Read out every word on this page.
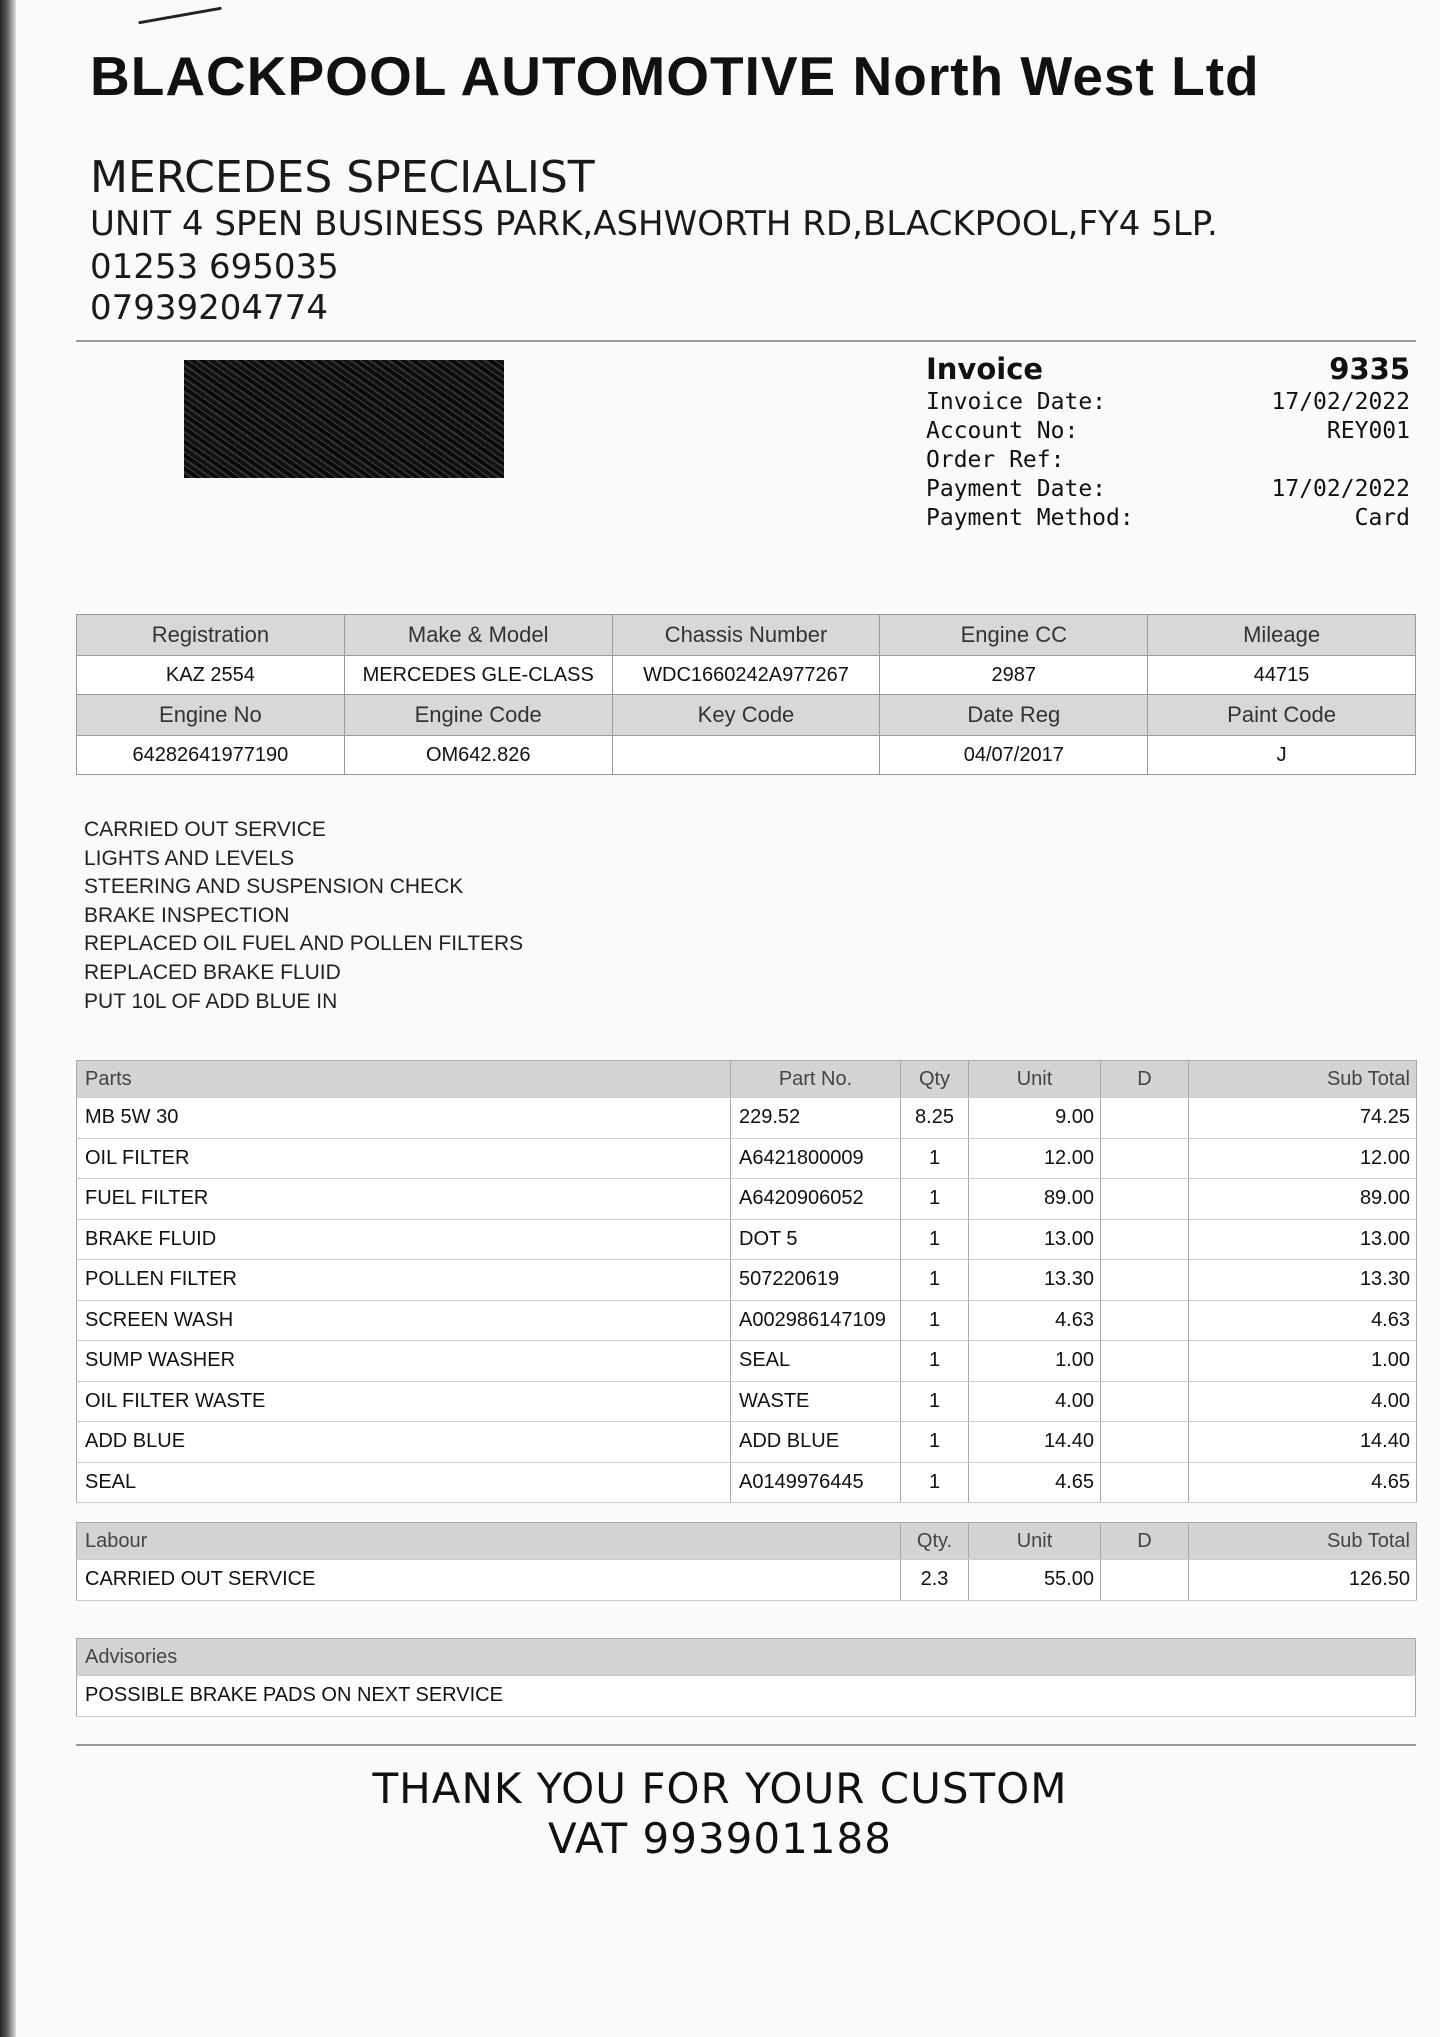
BLACKPOOL AUTOMOTIVE North West Ltd
MERCEDES SPECIALIST
UNIT 4 SPEN BUSINESS PARK,ASHWORTH RD,BLACKPOOL,FY4 5LP.
01253 695035
07939204774
Invoice	9335
Invoice Date:	17/02/2022
Account No:	REY001
Order Ref:
Payment Date:	17/02/2022
Payment Method:	Card
Registration	Make & Model	Chassis Number	Engine CC	Mileage
KAZ 2554	MERCEDES GLE-CLASS	WDC1660242A977267	2987	44715
Engine No	Engine Code	Key Code	Date Reg	Paint Code
64282641977190	OM642.826		04/07/2017	J
CARRIED OUT SERVICE
LIGHTS AND LEVELS
STEERING AND SUSPENSION CHECK
BRAKE INSPECTION
REPLACED OIL FUEL AND POLLEN FILTERS
REPLACED BRAKE FLUID
PUT 10L OF ADD BLUE IN
Parts	Part No.	Qty	Unit	D	Sub Total
MB 5W 30	229.52	8.25	9.00		74.25
OIL FILTER	A6421800009	1	12.00		12.00
FUEL FILTER	A6420906052	1	89.00		89.00
BRAKE FLUID	DOT 5	1	13.00		13.00
POLLEN FILTER	507220619	1	13.30		13.30
SCREEN WASH	A002986147109	1	4.63		4.63
SUMP WASHER	SEAL	1	1.00		1.00
OIL FILTER WASTE	WASTE	1	4.00		4.00
ADD BLUE	ADD BLUE	1	14.40		14.40
SEAL	A0149976445	1	4.65		4.65
Labour	Qty.	Unit	D	Sub Total
CARRIED OUT SERVICE	2.3	55.00		126.50
Advisories
POSSIBLE BRAKE PADS ON NEXT SERVICE
THANK YOU FOR YOUR CUSTOM
VAT 993901188
